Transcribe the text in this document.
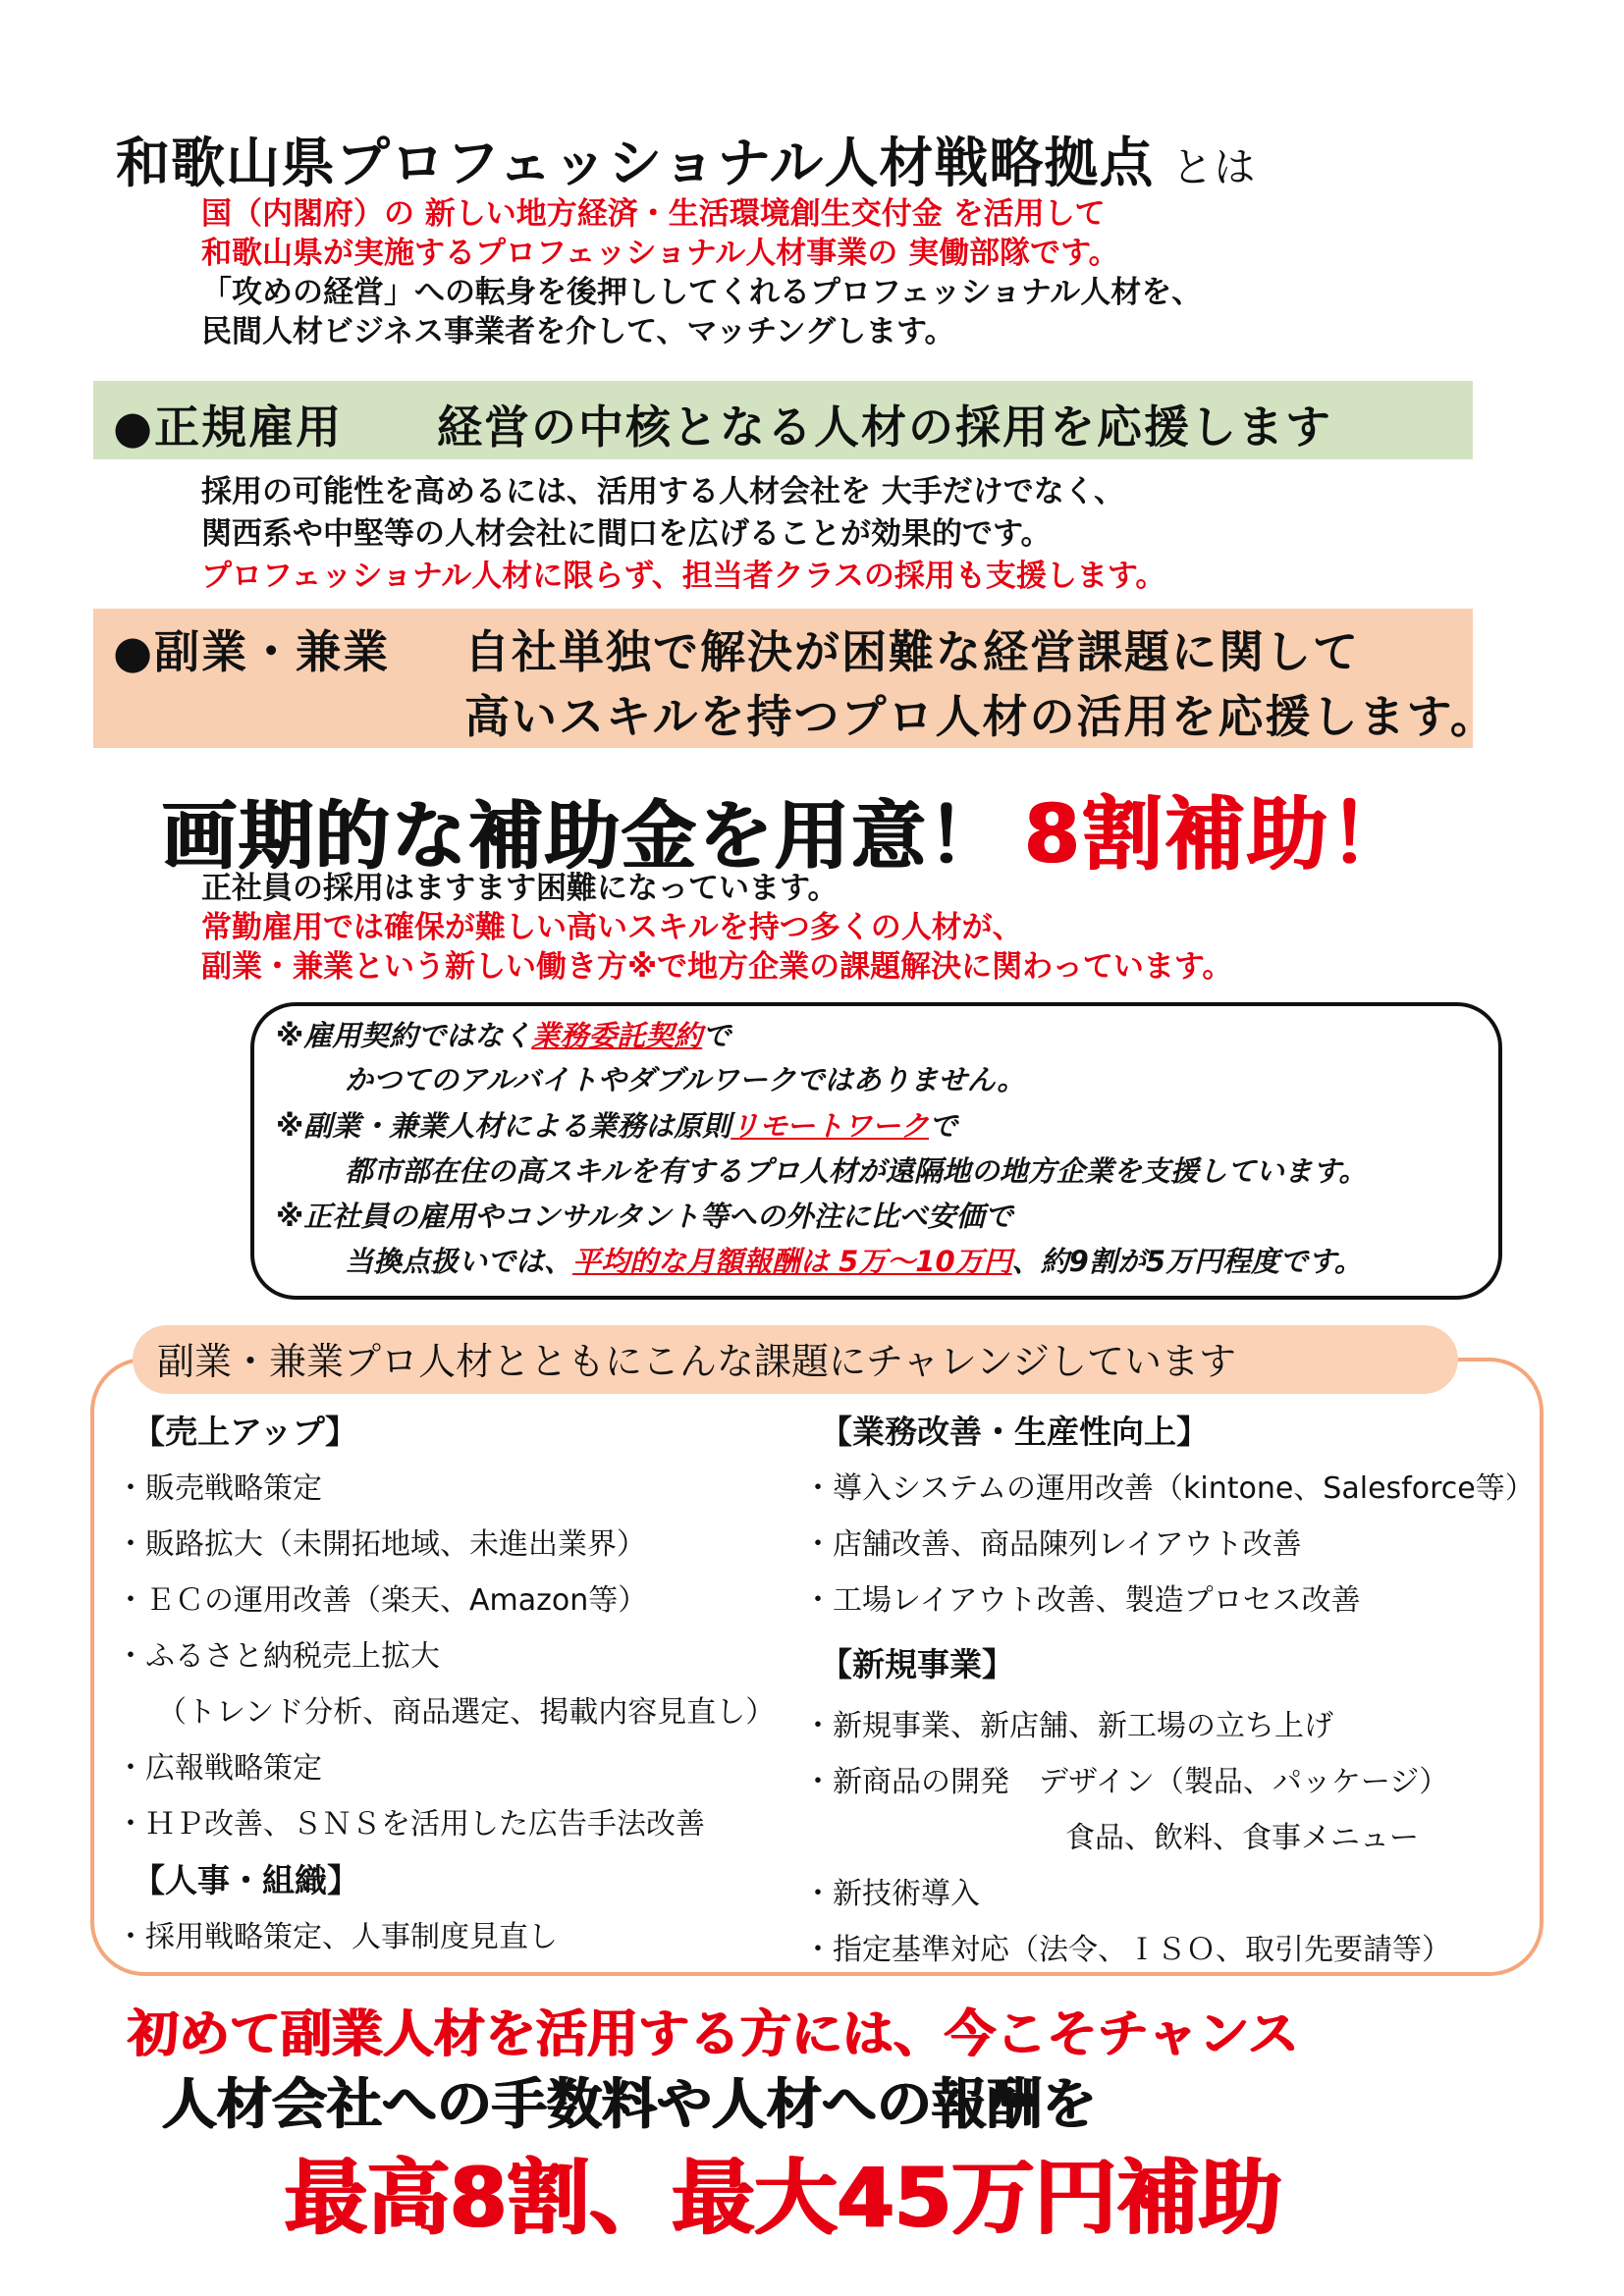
和歌山県プロフェッショナル人材戦略拠点 とは
国（内閣府）の 新しい地方経済・生活環境創生交付金 を活用して
和歌山県が実施するプロフェッショナル人材事業の 実働部隊です。
「攻めの経営」への転身を後押ししてくれるプロフェッショナル人材を、
民間人材ビジネス事業者を介して、マッチングします。
●正規雇用 経営の中核となる人材の採用を応援します
採用の可能性を高めるには、活用する人材会社を 大手だけでなく、
関西系や中堅等の人材会社に間口を広げることが効果的です。
プロフェッショナル人材に限らず、担当者クラスの採用も支援します。
●副業・兼業 自社単独で解決が困難な経営課題に関して
高いスキルを持つプロ人材の活用を応援します。
画期的な補助金を用意！ 8割補助！
正社員の採用はますます困難になっています。
常勤雇用では確保が難しい高いスキルを持つ多くの人材が、
副業・兼業という新しい働き方※で地方企業の課題解決に関わっています。
※雇用契約ではなく業務委託契約で
かつてのアルバイトやダブルワークではありません。
※副業・兼業人材による業務は原則リモートワークで
都市部在住の高スキルを有するプロ人材が遠隔地の地方企業を支援しています。
※正社員の雇用やコンサルタント等への外注に比べ安価で
当換点扱いでは、平均的な月額報酬は 5万～10万円、約9割が5万円程度です。
副業・兼業プロ人材とともにこんな課題にチャレンジしています
【売上アップ】
・販売戦略策定
・販路拡大（未開拓地域、未進出業界）
・ＥＣの運用改善（楽天、Amazon等）
・ふるさと納税売上拡大
（トレンド分析、商品選定、掲載内容見直し）
・広報戦略策定
・ＨＰ改善、ＳＮＳを活用した広告手法改善
【人事・組織】
・採用戦略策定、人事制度見直し
【業務改善・生産性向上】
・導入システムの運用改善（kintone、Salesforce等）
・店舗改善、商品陳列レイアウト改善
・工場レイアウト改善、製造プロセス改善
【新規事業】
・新規事業、新店舗、新工場の立ち上げ
・新商品の開発　デザイン（製品、パッケージ）
食品、飲料、食事メニュー
・新技術導入
・指定基準対応（法令、ＩＳＯ、取引先要請等）
初めて副業人材を活用する方には、今こそチャンス
人材会社への手数料や人材への報酬を
最高8割、最大45万円補助
